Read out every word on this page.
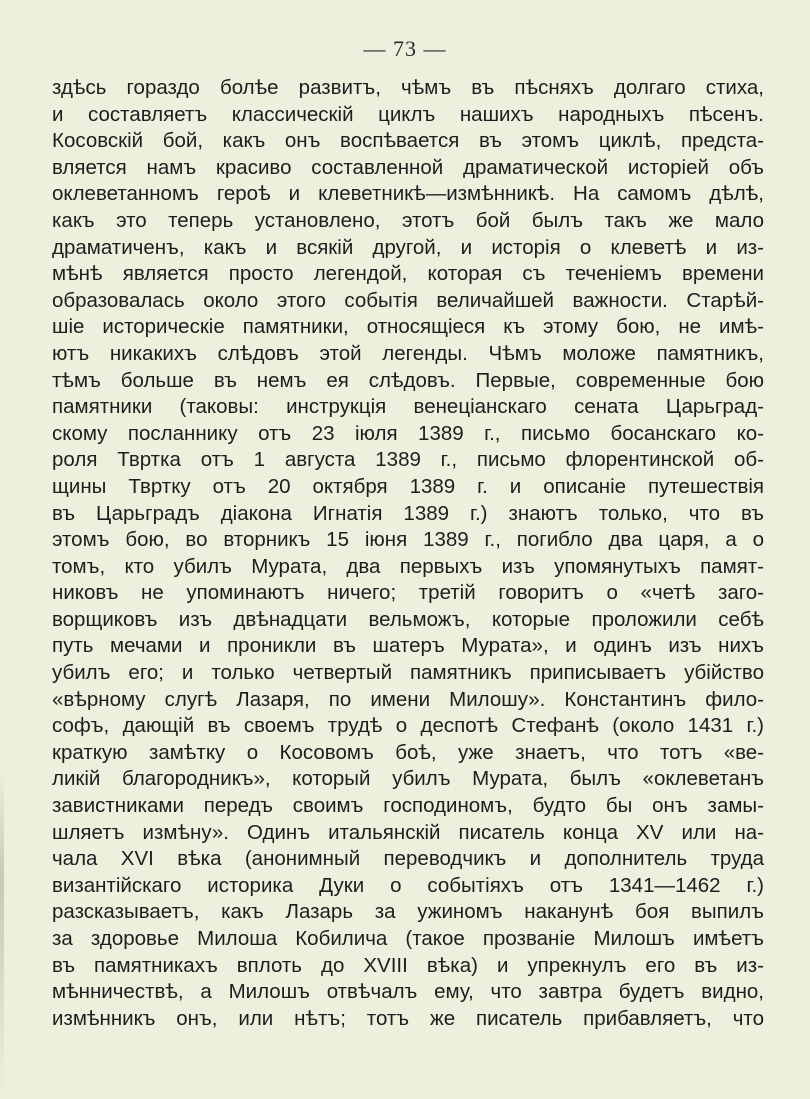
— 73 —
здѣсь гораздо болѣе развитъ, чѣмъ въ пѣсняхъ долгаго стиха,
и составляетъ классическій циклъ нашихъ народныхъ пѣсенъ.
Косовскій бой, какъ онъ воспѣвается въ этомъ циклѣ, предста-
вляется намъ красиво составленной драматической исторіей объ
оклеветанномъ героѣ и клеветникѣ—измѣнникѣ. На самомъ дѣлѣ,
какъ это теперь установлено, этотъ бой былъ такъ же мало
драматиченъ, какъ и всякій другой, и исторія о клеветѣ и из-
мѣнѣ является просто легендой, которая съ теченіемъ времени
образовалась около этого событія величайшей важности. Старѣй-
шіе историческіе памятники, относящіеся къ этому бою, не имѣ-
ютъ никакихъ слѣдовъ этой легенды. Чѣмъ моложе памятникъ,
тѣмъ больше въ немъ ея слѣдовъ. Первые, современные бою
памятники (таковы: инструкція венеціанскаго сената Царьград-
скому посланнику отъ 23 іюля 1389 г., письмо босанскаго ко-
роля Твртка отъ 1 августа 1389 г., письмо флорентинской об-
щины Твртку отъ 20 октября 1389 г. и описаніе путешествія
въ Царьградъ діакона Игнатія 1389 г.) знаютъ только, что въ
этомъ бою, во вторникъ 15 іюня 1389 г., погибло два царя, а о
томъ, кто убилъ Мурата, два первыхъ изъ упомянутыхъ памят-
никовъ не упоминаютъ ничего; третій говоритъ о «четѣ заго-
ворщиковъ изъ двѣнадцати вельможъ, которые проложили себѣ
путь мечами и проникли въ шатеръ Мурата», и одинъ изъ нихъ
убилъ его; и только четвертый памятникъ приписываетъ убійство
«вѣрному слугѣ Лазаря, по имени Милошу». Константинъ фило-
софъ, дающій въ своемъ трудѣ о деспотѣ Стефанѣ (около 1431 г.)
краткую замѣтку о Косовомъ боѣ, уже знаетъ, что тотъ «ве-
ликій благородникъ», который убилъ Мурата, былъ «оклеветанъ
завистниками передъ своимъ господиномъ, будто бы онъ замы-
шляетъ измѣну». Одинъ итальянскій писатель конца XV или на-
чала XVI вѣка (анонимный переводчикъ и дополнитель труда
византійскаго историка Дуки о событіяхъ отъ 1341—1462 г.)
разсказываетъ, какъ Лазарь за ужиномъ наканунѣ боя выпилъ
за здоровье Милоша Кобилича (такое прозваніе Милошъ имѣетъ
въ памятникахъ вплоть до XVIII вѣка) и упрекнулъ его въ из-
мѣнничествѣ, а Милошъ отвѣчалъ ему, что завтра будетъ видно,
измѣнникъ онъ, или нѣтъ; тотъ же писатель прибавляетъ, что
